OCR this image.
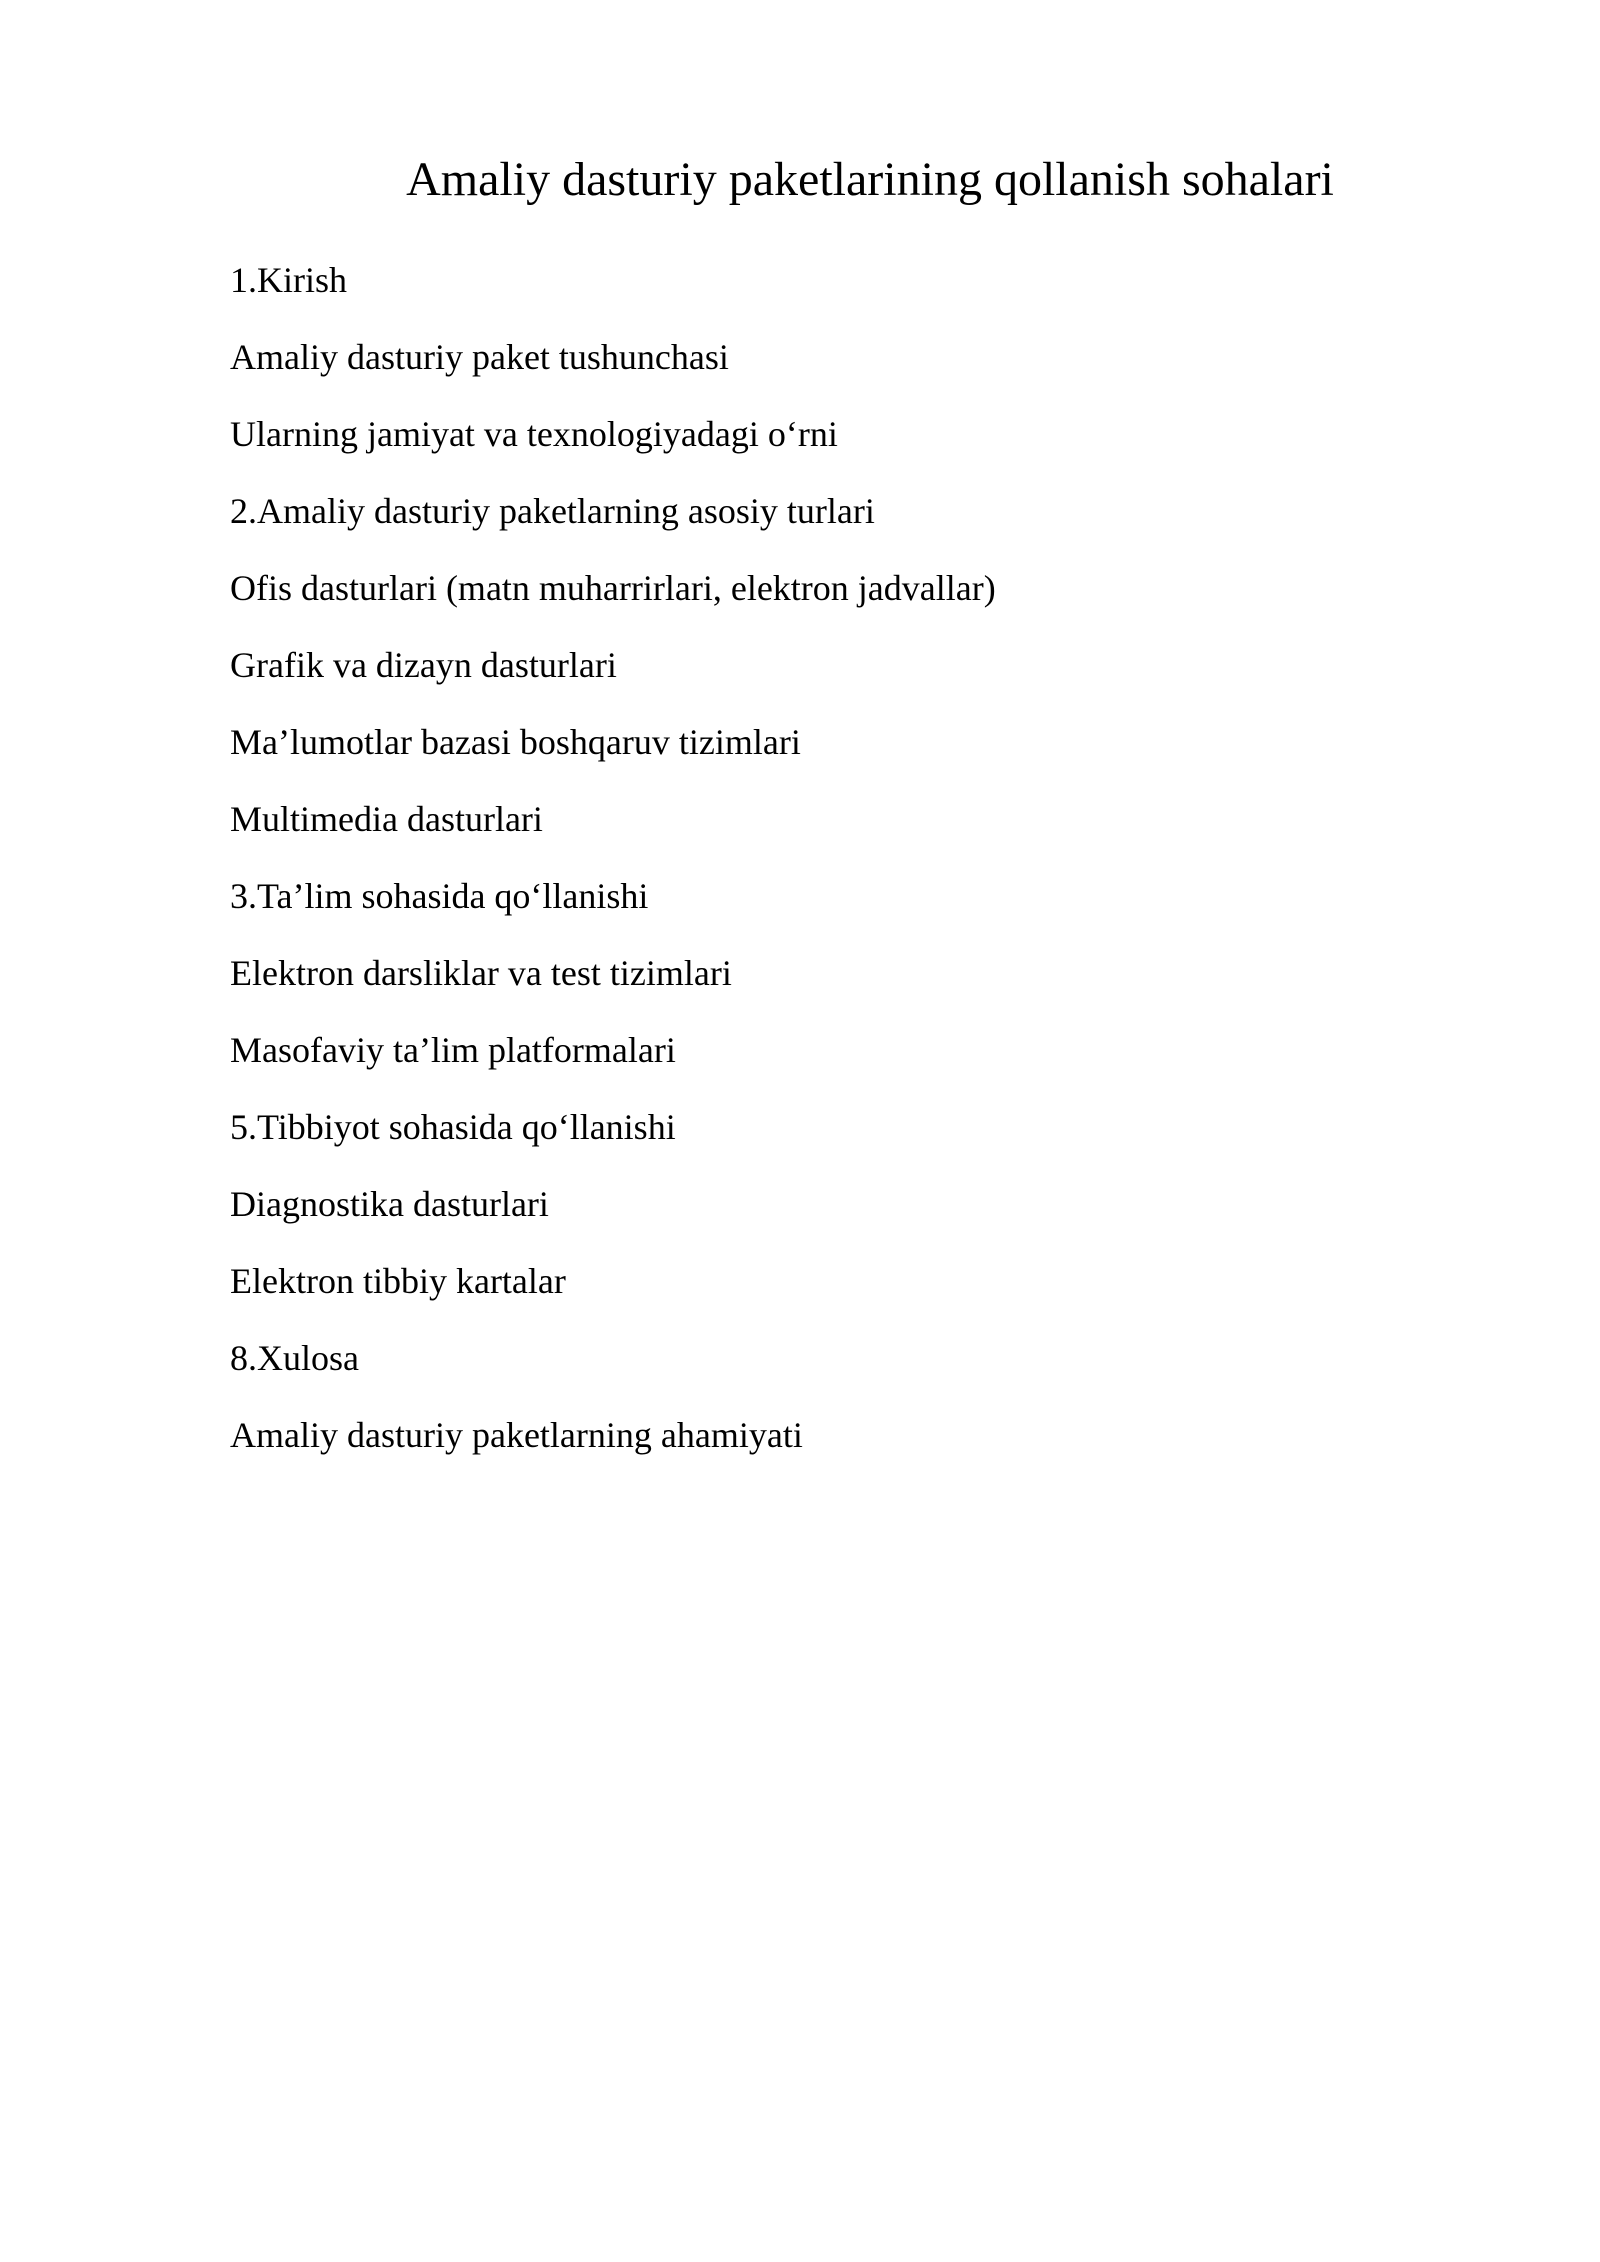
Amaliy dasturiy paketlarining qollanish sohalari
1.Kirish
Amaliy dasturiy paket tushunchasi
Ularning jamiyat va texnologiyadagi o‘rni
2.Amaliy dasturiy paketlarning asosiy turlari
Ofis dasturlari (matn muharrirlari, elektron jadvallar)
Grafik va dizayn dasturlari
Ma’lumotlar bazasi boshqaruv tizimlari
Multimedia dasturlari
3.Ta’lim sohasida qo‘llanishi
Elektron darsliklar va test tizimlari
Masofaviy ta’lim platformalari
5.Tibbiyot sohasida qo‘llanishi
Diagnostika dasturlari
Elektron tibbiy kartalar
8.Xulosa
Amaliy dasturiy paketlarning ahamiyati
